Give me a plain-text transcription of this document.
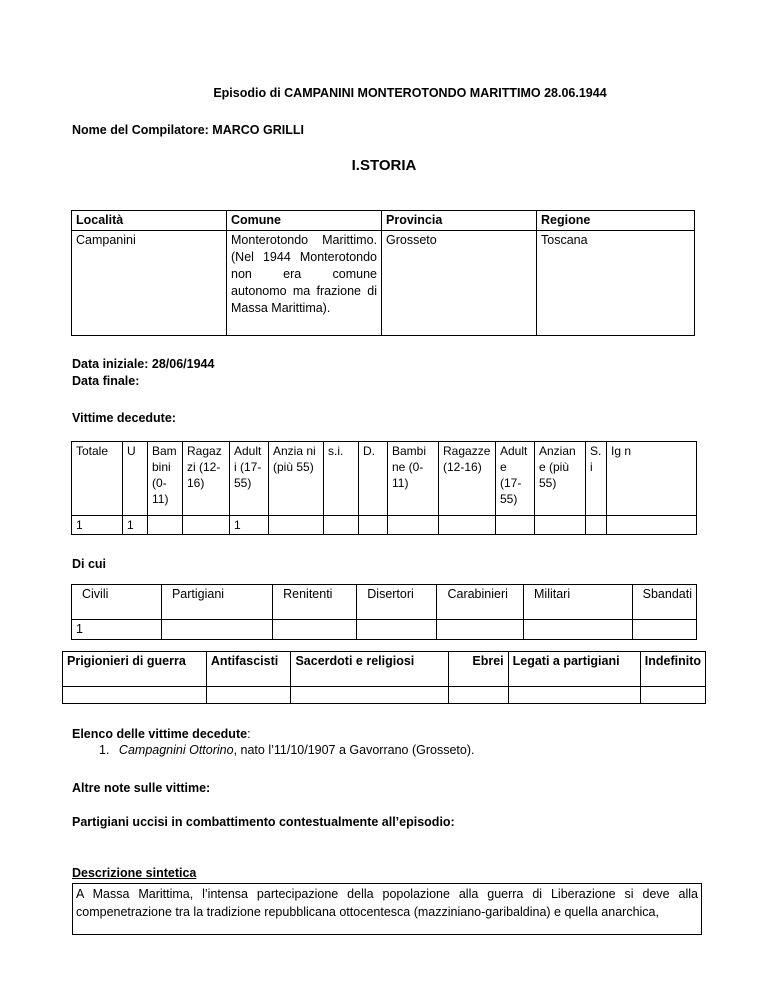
Episodio di CAMPANINI MONTEROTONDO MARITTIMO 28.06.1944
Nome del Compilatore: MARCO GRILLI
I.STORIA
Località	Comune	Provincia	Regione
Campanini	Monterotondo Marittimo. (Nel 1944 Monterotondo non era comune autonomo ma frazione di Massa Marittima).	Grosseto	Toscana
Data iniziale: 28/06/1944
Data finale:
Vittime decedute:
Totale	U	Bam bini (0-11)	Ragaz zi (12-16)	Adult i (17-55)	Anzia ni (più 55)	s.i.	D.	Bambi ne (0-11)	Ragazze (12-16)	Adult e (17-55)	Anzian e (più 55)	S. i	Ig n
1	1			1									
Di cui
Civili	Partigiani	Renitenti	Disertori	Carabinieri	Militari	Sbandati
1						
Prigionieri di guerra	Antifascisti	Sacerdoti e religiosi	Ebrei	Legati a partigiani	Indefinito

Elenco delle vittime decedute:
1. Campagnini Ottorino, nato l’11/10/1907 a Gavorrano (Grosseto).
Altre note sulle vittime:
Partigiani uccisi in combattimento contestualmente all’episodio:
Descrizione sintetica
A Massa Marittima, l’intensa partecipazione della popolazione alla guerra di Liberazione si deve alla compenetrazione tra la tradizione repubblicana ottocentesca (mazziniano-garibaldina) e quella anarchica,
